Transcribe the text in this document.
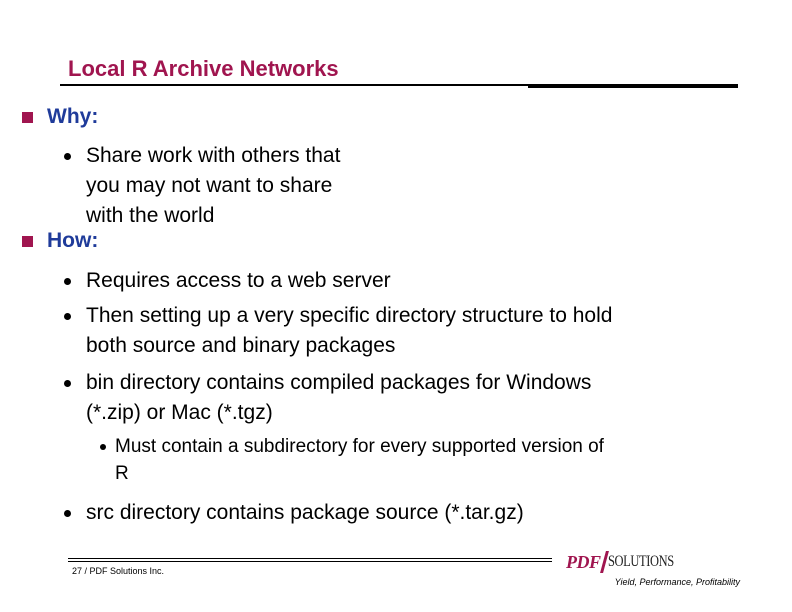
Local R Archive Networks
Why:
Share work with others that
you may not want to share
with the world
How:
Requires access to a web server
Then setting up a very specific directory structure to hold
both source and binary packages
bin directory contains compiled packages for Windows
(*.zip) or Mac (*.tgz)
Must contain a subdirectory for every supported version of
R
src directory contains package source (*.tar.gz)
27 / PDF Solutions Inc.	PDF SOLUTIONS
Yield, Performance, Profitability
